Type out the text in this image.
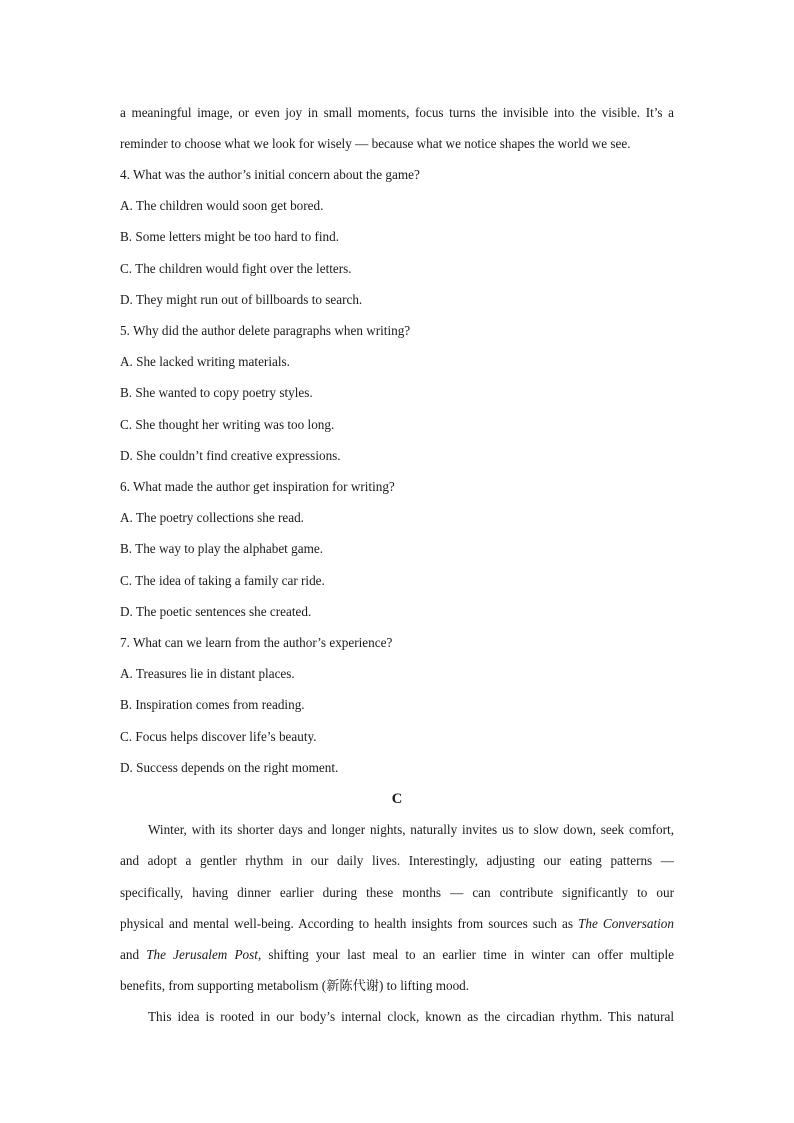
a meaningful image, or even joy in small moments, focus turns the invisible into the visible. It’s a
reminder to choose what we look for wisely — because what we notice shapes the world we see.
4. What was the author’s initial concern about the game?
A. The children would soon get bored.
B. Some letters might be too hard to find.
C. The children would fight over the letters.
D. They might run out of billboards to search.
5. Why did the author delete paragraphs when writing?
A. She lacked writing materials.
B. She wanted to copy poetry styles.
C. She thought her writing was too long.
D. She couldn’t find creative expressions.
6. What made the author get inspiration for writing?
A. The poetry collections she read.
B. The way to play the alphabet game.
C. The idea of taking a family car ride.
D. The poetic sentences she created.
7. What can we learn from the author’s experience?
A. Treasures lie in distant places.
B. Inspiration comes from reading.
C. Focus helps discover life’s beauty.
D. Success depends on the right moment.
C
Winter, with its shorter days and longer nights, naturally invites us to slow down, seek comfort,
and adopt a gentler rhythm in our daily lives. Interestingly, adjusting our eating patterns —
specifically, having dinner earlier during these months — can contribute significantly to our
physical and mental well-being. According to health insights from sources such as The Conversation
and The Jerusalem Post, shifting your last meal to an earlier time in winter can offer multiple
benefits, from supporting metabolism (新陈代谢) to lifting mood.
This idea is rooted in our body’s internal clock, known as the circadian rhythm. This natural
